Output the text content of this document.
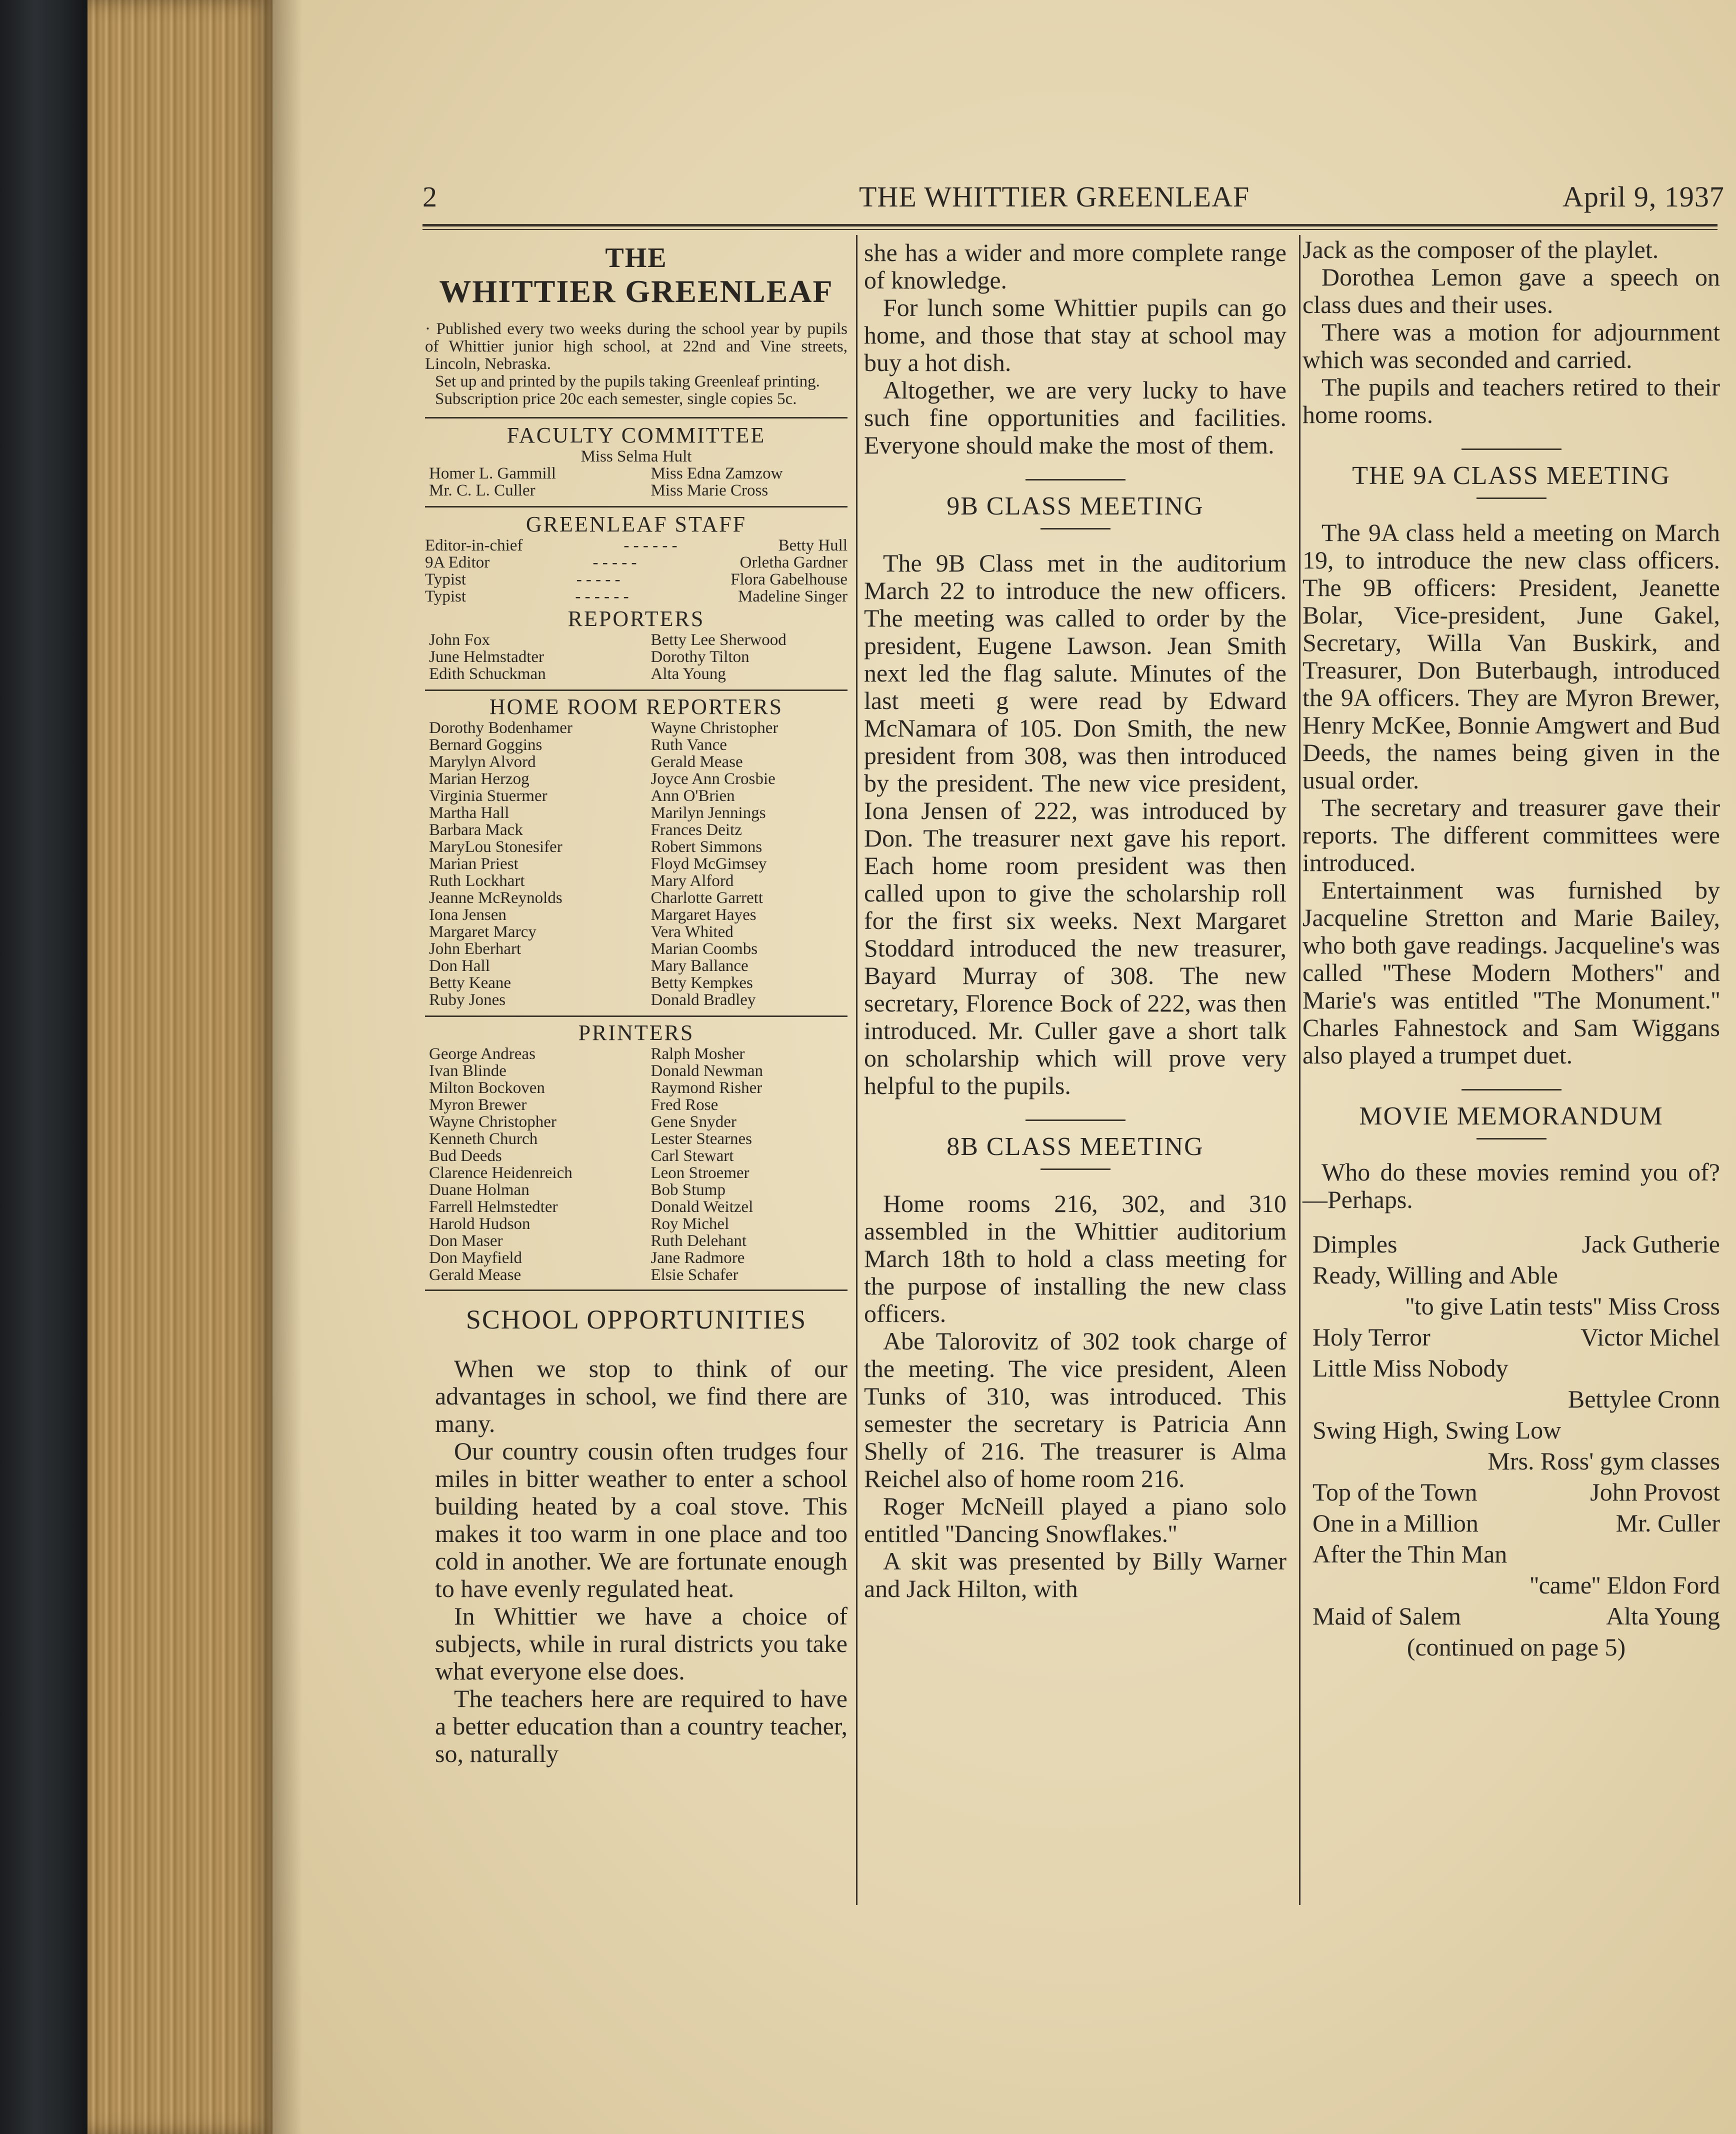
2	THE WHITTIER GREENLEAF	April 9, 1937
THE
WHITTIER GREENLEAF
· Published every two weeks during the school year by pupils of Whittier junior high school, at 22nd and Vine streets, Lincoln, Nebraska.
Set up and printed by the pupils taking Greenleaf printing.
Subscription price 20c each semester, single copies 5c.
FACULTY COMMITTEE
Miss Selma Hult
Homer L. Gammill	Miss Edna Zamzow
Mr. C. L. Culler	Miss Marie Cross
GREENLEAF STAFF
Editor-in-chief	- - - - - -	Betty Hull
9A Editor	- - - - -	Orletha Gardner
Typist	- - - - -	Flora Gabelhouse
Typist	- - - - - -	Madeline Singer
REPORTERS
John Fox	Betty Lee Sherwood
June Helmstadter	Dorothy Tilton
Edith Schuckman	Alta Young
HOME ROOM REPORTERS
Dorothy Bodenhamer	Wayne Christopher
Bernard Goggins	Ruth Vance
Marylyn Alvord	Gerald Mease
Marian Herzog	Joyce Ann Crosbie
Virginia Stuermer	Ann O'Brien
Martha Hall	Marilyn Jennings
Barbara Mack	Frances Deitz
MaryLou Stonesifer	Robert Simmons
Marian Priest	Floyd McGimsey
Ruth Lockhart	Mary Alford
Jeanne McReynolds	Charlotte Garrett
Iona Jensen	Margaret Hayes
Margaret Marcy	Vera Whited
John Eberhart	Marian Coombs
Don Hall	Mary Ballance
Betty Keane	Betty Kempkes
Ruby Jones	Donald Bradley
PRINTERS
George Andreas	Ralph Mosher
Ivan Blinde	Donald Newman
Milton Bockoven	Raymond Risher
Myron Brewer	Fred Rose
Wayne Christopher	Gene Snyder
Kenneth Church	Lester Stearnes
Bud Deeds	Carl Stewart
Clarence Heidenreich	Leon Stroemer
Duane Holman	Bob Stump
Farrell Helmstedter	Donald Weitzel
Harold Hudson	Roy Michel
Don Maser	Ruth Delehant
Don Mayfield	Jane Radmore
Gerald Mease	Elsie Schafer
SCHOOL OPPORTUNITIES

When we stop to think of our advantages in school, we find there are many.

Our country cousin often trudges four miles in bitter weather to enter a school building heated by a coal stove. This makes it too warm in one place and too cold in another. We are fortunate enough to have evenly regulated heat.

In Whittier we have a choice of subjects, while in rural districts you take what everyone else does.

The teachers here are required to have a better education than a country teacher, so, naturally

she has a wider and more complete range of knowledge.

For lunch some Whittier pupils can go home, and those that stay at school may buy a hot dish.

Altogether, we are very lucky to have such fine opportunities and facilities. Everyone should make the most of them.

9B CLASS MEETING

The 9B Class met in the auditorium March 22 to introduce the new officers. The meeting was called to order by the president, Eugene Lawson. Jean Smith next led the flag salute. Minutes of the last meeti g were read by Edward McNamara of 105. Don Smith, the new president from 308, was then introduced by the president. The new vice president, Iona Jensen of 222, was introduced by Don. The treasurer next gave his report. Each home room president was then called upon to give the scholarship roll for the first six weeks. Next Margaret Stoddard introduced the new treasurer, Bayard Murray of 308. The new secretary, Florence Bock of 222, was then introduced. Mr. Culler gave a short talk on scholarship which will prove very helpful to the pupils.

8B CLASS MEETING

Home rooms 216, 302, and 310 assembled in the Whittier auditorium March 18th to hold a class meeting for the purpose of installing the new class officers.

Abe Talorovitz of 302 took charge of the meeting. The vice president, Aleen Tunks of 310, was introduced. This semester the secretary is Patricia Ann Shelly of 216. The treasurer is Alma Reichel also of home room 216.

Roger McNeill played a piano solo entitled ''Dancing Snowflakes.''

A skit was presented by Billy Warner and Jack Hilton, with

Jack as the composer of the playlet.

Dorothea Lemon gave a speech on class dues and their uses.

There was a motion for adjournment which was seconded and carried.

The pupils and teachers retired to their home rooms.

THE 9A CLASS MEETING

The 9A class held a meeting on March 19, to introduce the new class officers. The 9B officers: President, Jeanette Bolar, Vice-president, June Gakel, Secretary, Willa Van Buskirk, and Treasurer, Don Buterbaugh, introduced the 9A officers. They are Myron Brewer, Henry McKee, Bonnie Amgwert and Bud Deeds, the names being given in the usual order.

The secretary and treasurer gave their reports. The different committees were introduced.

Entertainment was furnished by Jacqueline Stretton and Marie Bailey, who both gave readings. Jacqueline's was called ''These Modern Mothers'' and Marie's was entitled ''The Monument.'' Charles Fahnestock and Sam Wiggans also played a trumpet duet.

MOVIE MEMORANDUM

Who do these movies remind you of?—Perhaps.

Dimples	Jack Gutherie
Ready, Willing and Able
''to give Latin tests'' Miss Cross
Holy Terror	Victor Michel
Little Miss Nobody
Bettylee Cronn
Swing High, Swing Low
Mrs. Ross' gym classes
Top of the Town	John Provost
One in a Million	Mr. Culler
After the Thin Man
''came'' Eldon Ford
Maid of Salem	Alta Young
(continued on page 5)
